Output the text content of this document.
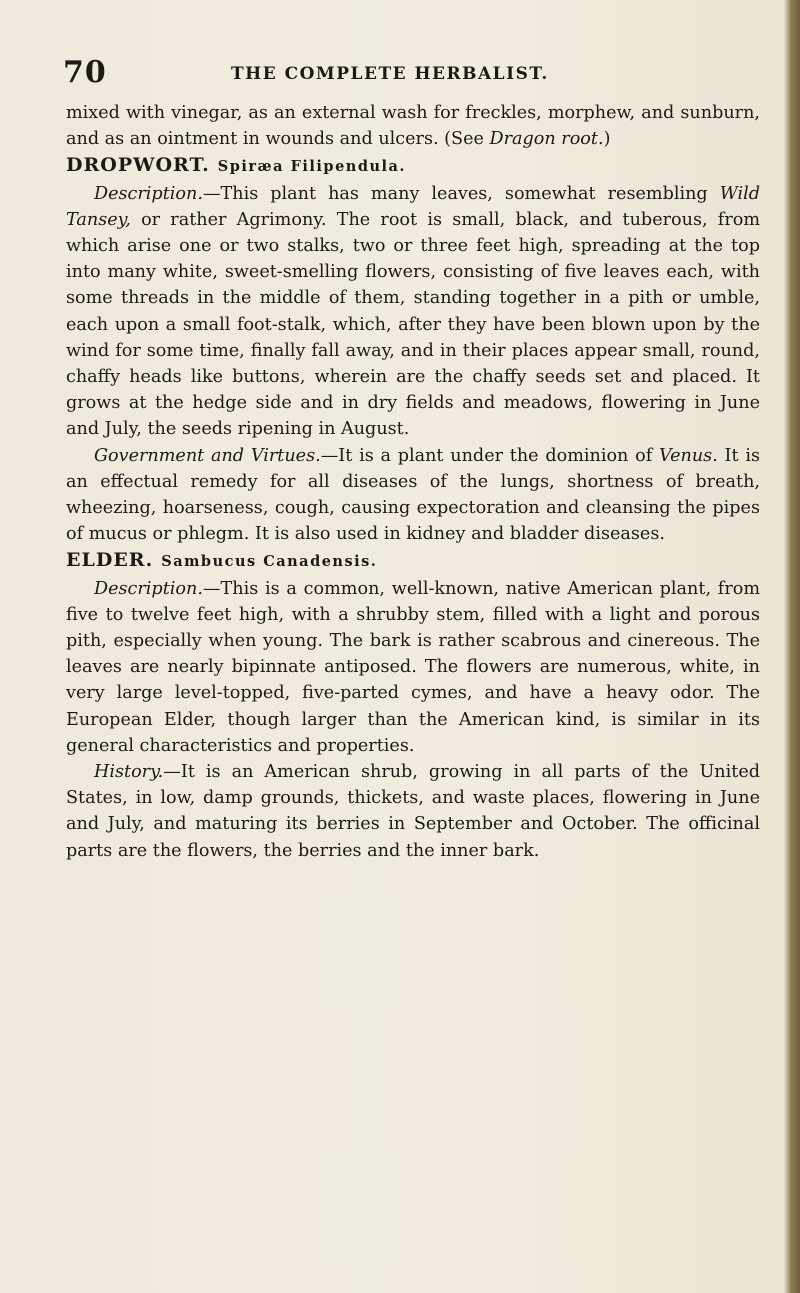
70	THE COMPLETE HERBALIST.

mixed with vinegar, as an external wash for freckles, morphew, and sunburn, and as an ointment in wounds and ulcers. (See Dragon root.)

DROPWORT. Spiræa Filipendula.

Description.—This plant has many leaves, somewhat resembling Wild Tansey, or rather Agrimony. The root is small, black, and tuberous, from which arise one or two stalks, two or three feet high, spreading at the top into many white, sweet-smelling flowers, consisting of five leaves each, with some threads in the middle of them, standing together in a pith or umble, each upon a small foot-stalk, which, after they have been blown upon by the wind for some time, finally fall away, and in their places appear small, round, chaffy heads like buttons, wherein are the chaffy seeds set and placed. It grows at the hedge side and in dry fields and meadows, flowering in June and July, the seeds ripening in August.

Government and Virtues.—It is a plant under the dominion of Venus. It is an effectual remedy for all diseases of the lungs, shortness of breath, wheezing, hoarseness, cough, causing expectoration and cleansing the pipes of mucus or phlegm. It is also used in kidney and bladder diseases.

ELDER. Sambucus Canadensis.

Description.—This is a common, well-known, native American plant, from five to twelve feet high, with a shrubby stem, filled with a light and porous pith, especially when young. The bark is rather scabrous and cinereous. The leaves are nearly bipinnate antiposed. The flowers are numerous, white, in very large level-topped, five-parted cymes, and have a heavy odor. The European Elder, though larger than the American kind, is similar in its general characteristics and properties.

History.—It is an American shrub, growing in all parts of the United States, in low, damp grounds, thickets, and waste places, flowering in June and July, and maturing its berries in September and October. The officinal parts are the flowers, the berries and the inner bark.
